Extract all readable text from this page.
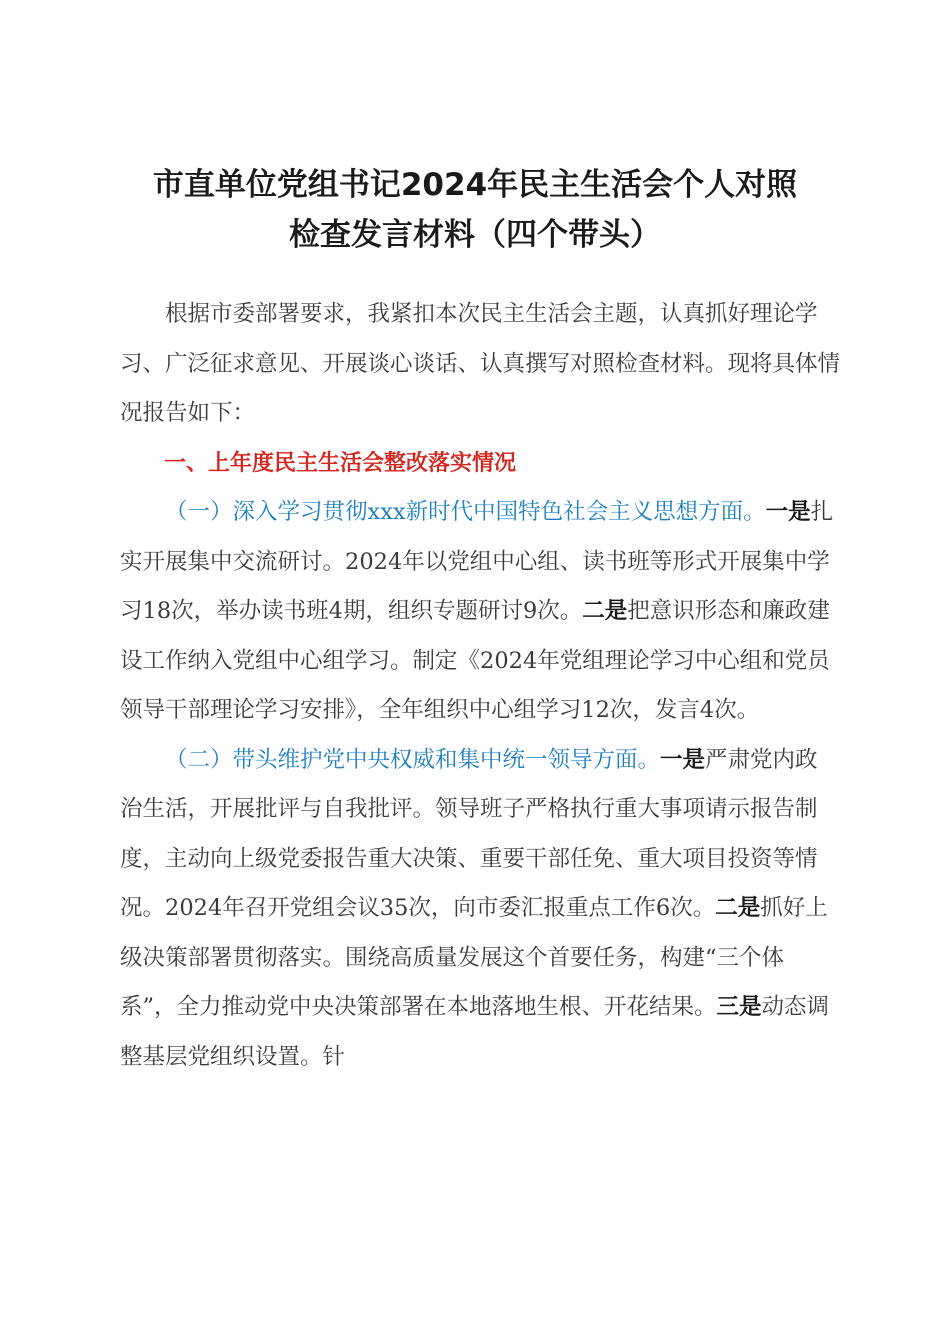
市直单位党组书记2024年民主生活会个人对照
检查发言材料（四个带头）

根据市委部署要求，我紧扣本次民主生活会主题，认真抓好理论学习、广泛征求意见、开展谈心谈话、认真撰写对照检查材料。现将具体情况报告如下：

一、上年度民主生活会整改落实情况

（一）深入学习贯彻xxx新时代中国特色社会主义思想方面。一是扎实开展集中交流研讨。2024年以党组中心组、读书班等形式开展集中学习18次，举办读书班4期，组织专题研讨9次。二是把意识形态和廉政建设工作纳入党组中心组学习。制定《2024年党组理论学习中心组和党员领导干部理论学习安排》，全年组织中心组学习12次，发言4次。

（二）带头维护党中央权威和集中统一领导方面。一是严肃党内政治生活，开展批评与自我批评。领导班子严格执行重大事项请示报告制度，主动向上级党委报告重大决策、重要干部任免、重大项目投资等情况。2024年召开党组会议35次，向市委汇报重点工作6次。二是抓好上级决策部署贯彻落实。围绕高质量发展这个首要任务，构建“三个体系”，全力推动党中央决策部署在本地落地生根、开花结果。三是动态调整基层党组织设置。针
